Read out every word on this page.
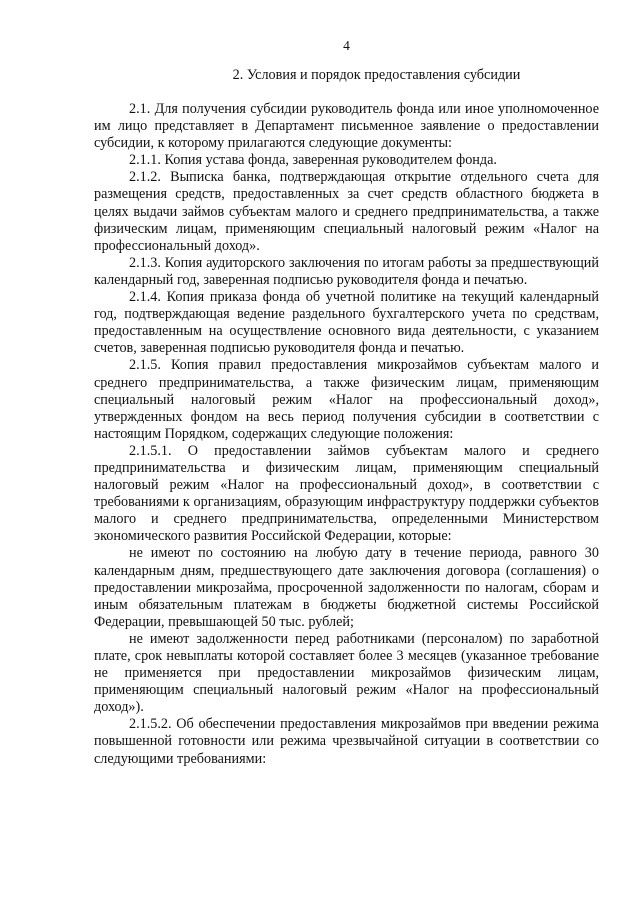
4
2. Условия и порядок предоставления субсидии

2.1. Для получения субсидии руководитель фонда или иное уполномоченное им лицо представляет в Департамент письменное заявление о предоставлении субсидии, к которому прилагаются следующие документы:

2.1.1. Копия устава фонда, заверенная руководителем фонда.

2.1.2. Выписка банка, подтверждающая открытие отдельного счета для размещения средств, предоставленных за счет средств областного бюджета в целях выдачи займов субъектам малого и среднего предпринимательства, а также физическим лицам, применяющим специальный налоговый режим «Налог на профессиональный доход».

2.1.3. Копия аудиторского заключения по итогам работы за предшествующий календарный год, заверенная подписью руководителя фонда и печатью.

2.1.4. Копия приказа фонда об учетной политике на текущий календарный год, подтверждающая ведение раздельного бухгалтерского учета по средствам, предоставленным на осуществление основного вида деятельности, с указанием счетов, заверенная подписью руководителя фонда и печатью.

2.1.5. Копия правил предоставления микрозаймов субъектам малого и среднего предпринимательства, а также физическим лицам, применяющим специальный налоговый режим «Налог на профессиональный доход», утвержденных фондом на весь период получения субсидии в соответствии с настоящим Порядком, содержащих следующие положения:

2.1.5.1. О предоставлении займов субъектам малого и среднего предпринимательства и физическим лицам, применяющим специальный налоговый режим «Налог на профессиональный доход», в соответствии с требованиями к организациям, образующим инфраструктуру поддержки субъектов малого и среднего предпринимательства, определенными Министерством экономического развития Российской Федерации, которые:

не имеют по состоянию на любую дату в течение периода, равного 30 календарным дням, предшествующего дате заключения договора (соглашения) о предоставлении микрозайма, просроченной задолженности по налогам, сборам и иным обязательным платежам в бюджеты бюджетной системы Российской Федерации, превышающей 50 тыс. рублей;

не имеют задолженности перед работниками (персоналом) по заработной плате, срок невыплаты которой составляет более 3 месяцев (указанное требование не применяется при предоставлении микрозаймов физическим лицам, применяющим специальный налоговый режим «Налог на профессиональный доход»).

2.1.5.2. Об обеспечении предоставления микрозаймов при введении режима повышенной готовности или режима чрезвычайной ситуации в соответствии со следующими требованиями:
